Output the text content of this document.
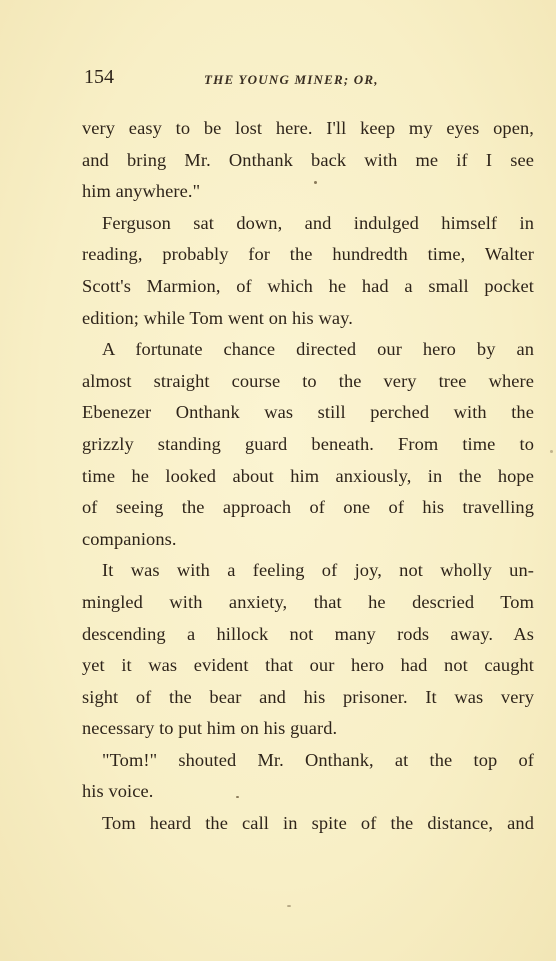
154	THE YOUNG MINER; OR,
very easy to be lost here. I'll keep my eyes open,
and bring Mr. Onthank back with me if I see
him anywhere."
Ferguson sat down, and indulged himself in
reading, probably for the hundredth time, Walter
Scott's Marmion, of which he had a small pocket
edition; while Tom went on his way.
A fortunate chance directed our hero by an
almost straight course to the very tree where
Ebenezer Onthank was still perched with the
grizzly standing guard beneath. From time to
time he looked about him anxiously, in the hope
of seeing the approach of one of his travelling
companions.
It was with a feeling of joy, not wholly un-
mingled with anxiety, that he descried Tom
descending a hillock not many rods away. As
yet it was evident that our hero had not caught
sight of the bear and his prisoner. It was very
necessary to put him on his guard.
"Tom!" shouted Mr. Onthank, at the top of
his voice.
Tom heard the call in spite of the distance, and
